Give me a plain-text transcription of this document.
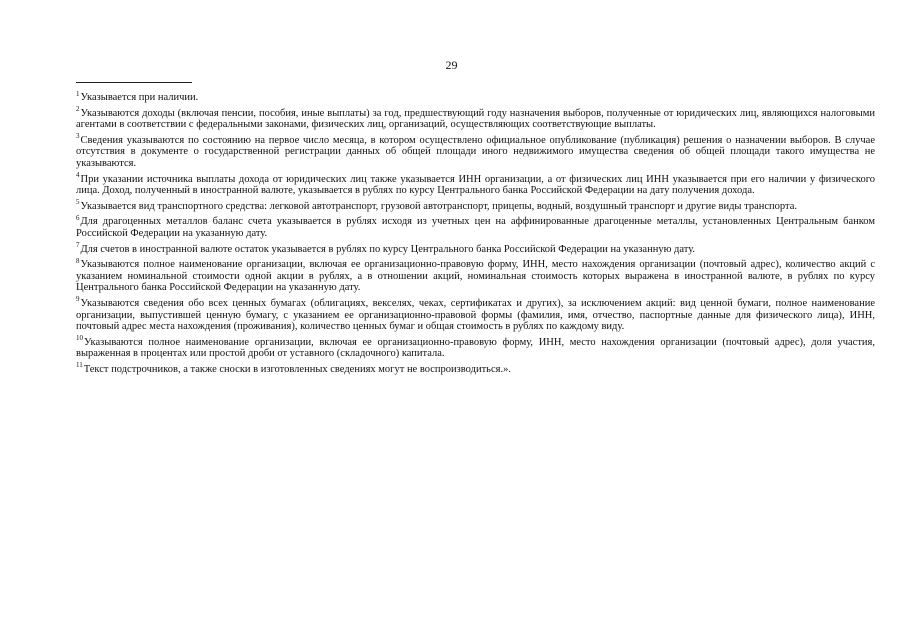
29

$^1$Указывается при наличии.

$^2$Указываются доходы (включая пенсии, пособия, иные выплаты) за год, предшествующий году назначения выборов, полученные от юридических лиц, являющихся налоговыми агентами в соответствии с федеральными законами, физических лиц, организаций, осуществляющих соответствующие выплаты.

$^3$Сведения указываются по состоянию на первое число месяца, в котором осуществлено официальное опубликование (публикация) решения о назначении выборов. В случае отсутствия в документе о государственной регистрации данных об общей площади иного недвижимого имущества сведения об общей площади такого имущества не указываются.

$^4$При указании источника выплаты дохода от юридических лиц также указывается ИНН организации, а от физических лиц ИНН указывается при его наличии у физического лица. Доход, полученный в иностранной валюте, указывается в рублях по курсу Центрального банка Российской Федерации на дату получения дохода.

$^5$Указывается вид транспортного средства: легковой автотранспорт, грузовой автотранспорт, прицепы, водный, воздушный транспорт и другие виды транспорта.

$^6$Для драгоценных металлов баланс счета указывается в рублях исходя из учетных цен на аффинированные драгоценные металлы, установленных Центральным банком Российской Федерации на указанную дату.

$^7$Для счетов в иностранной валюте остаток указывается в рублях по курсу Центрального банка Российской Федерации на указанную дату.

$^8$Указываются полное наименование организации, включая ее организационно-правовую форму, ИНН, место нахождения организации (почтовый адрес), количество акций с указанием номинальной стоимости одной акции в рублях, а в отношении акций, номинальная стоимость которых выражена в иностранной валюте, в рублях по курсу Центрального банка Российской Федерации на указанную дату.

$^9$Указываются сведения обо всех ценных бумагах (облигациях, векселях, чеках, сертификатах и других), за исключением акций: вид ценной бумаги, полное наименование организации, выпустившей ценную бумагу, с указанием ее организационно-правовой формы (фамилия, имя, отчество, паспортные данные для физического лица), ИНН, почтовый адрес места нахождения (проживания), количество ценных бумаг и общая стоимость в рублях по каждому виду.

$^{10}$Указываются полное наименование организации, включая ее организационно-правовую форму, ИНН, место нахождения организации (почтовый адрес), доля участия, выраженная в процентах или простой дроби от уставного (складочного) капитала.

$^{11}$Текст подстрочников, а также сноски в изготовленных сведениях могут не воспроизводиться.».
